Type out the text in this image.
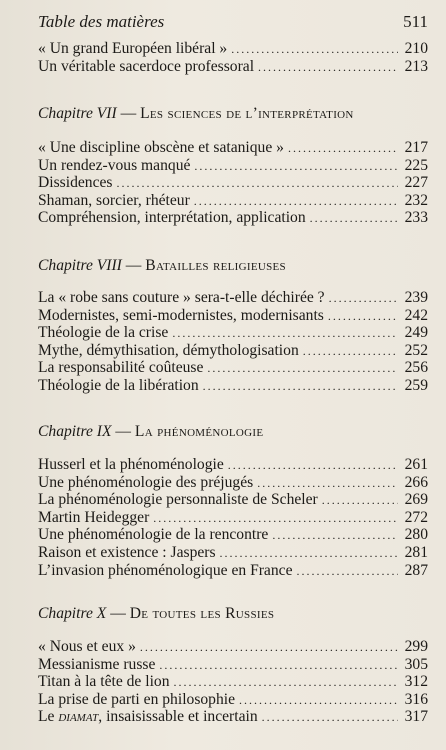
Table des matières	511
« Un grand Européen libéral » .....	210
Un véritable sacerdoce professoral .....	213
Chapitre VII — Les sciences de l’interprétation
« Une discipline obscène et satanique » .....	217
Un rendez-vous manqué .....	225
Dissidences .....	227
Shaman, sorcier, rhéteur .....	232
Compréhension, interprétation, application .....	233
Chapitre VIII — Batailles religieuses
La « robe sans couture » sera-t-elle déchirée ? .....	239
Modernistes, semi-modernistes, modernisants .....	242
Théologie de la crise .....	249
Mythe, démythisation, démythologisation .....	252
La responsabilité coûteuse .....	256
Théologie de la libération .....	259
Chapitre IX — La phénoménologie
Husserl et la phénoménologie .....	261
Une phénoménologie des préjugés .....	266
La phénoménologie personnaliste de Scheler .....	269
Martin Heidegger .....	272
Une phénoménologie de la rencontre .....	280
Raison et existence : Jaspers .....	281
L’invasion phénoménologique en France .....	287
Chapitre X — De toutes les Russies
« Nous et eux » .....	299
Messianisme russe .....	305
Titan à la tête de lion .....	312
La prise de parti en philosophie .....	316
Le diamat, insaisissable et incertain .....	317
